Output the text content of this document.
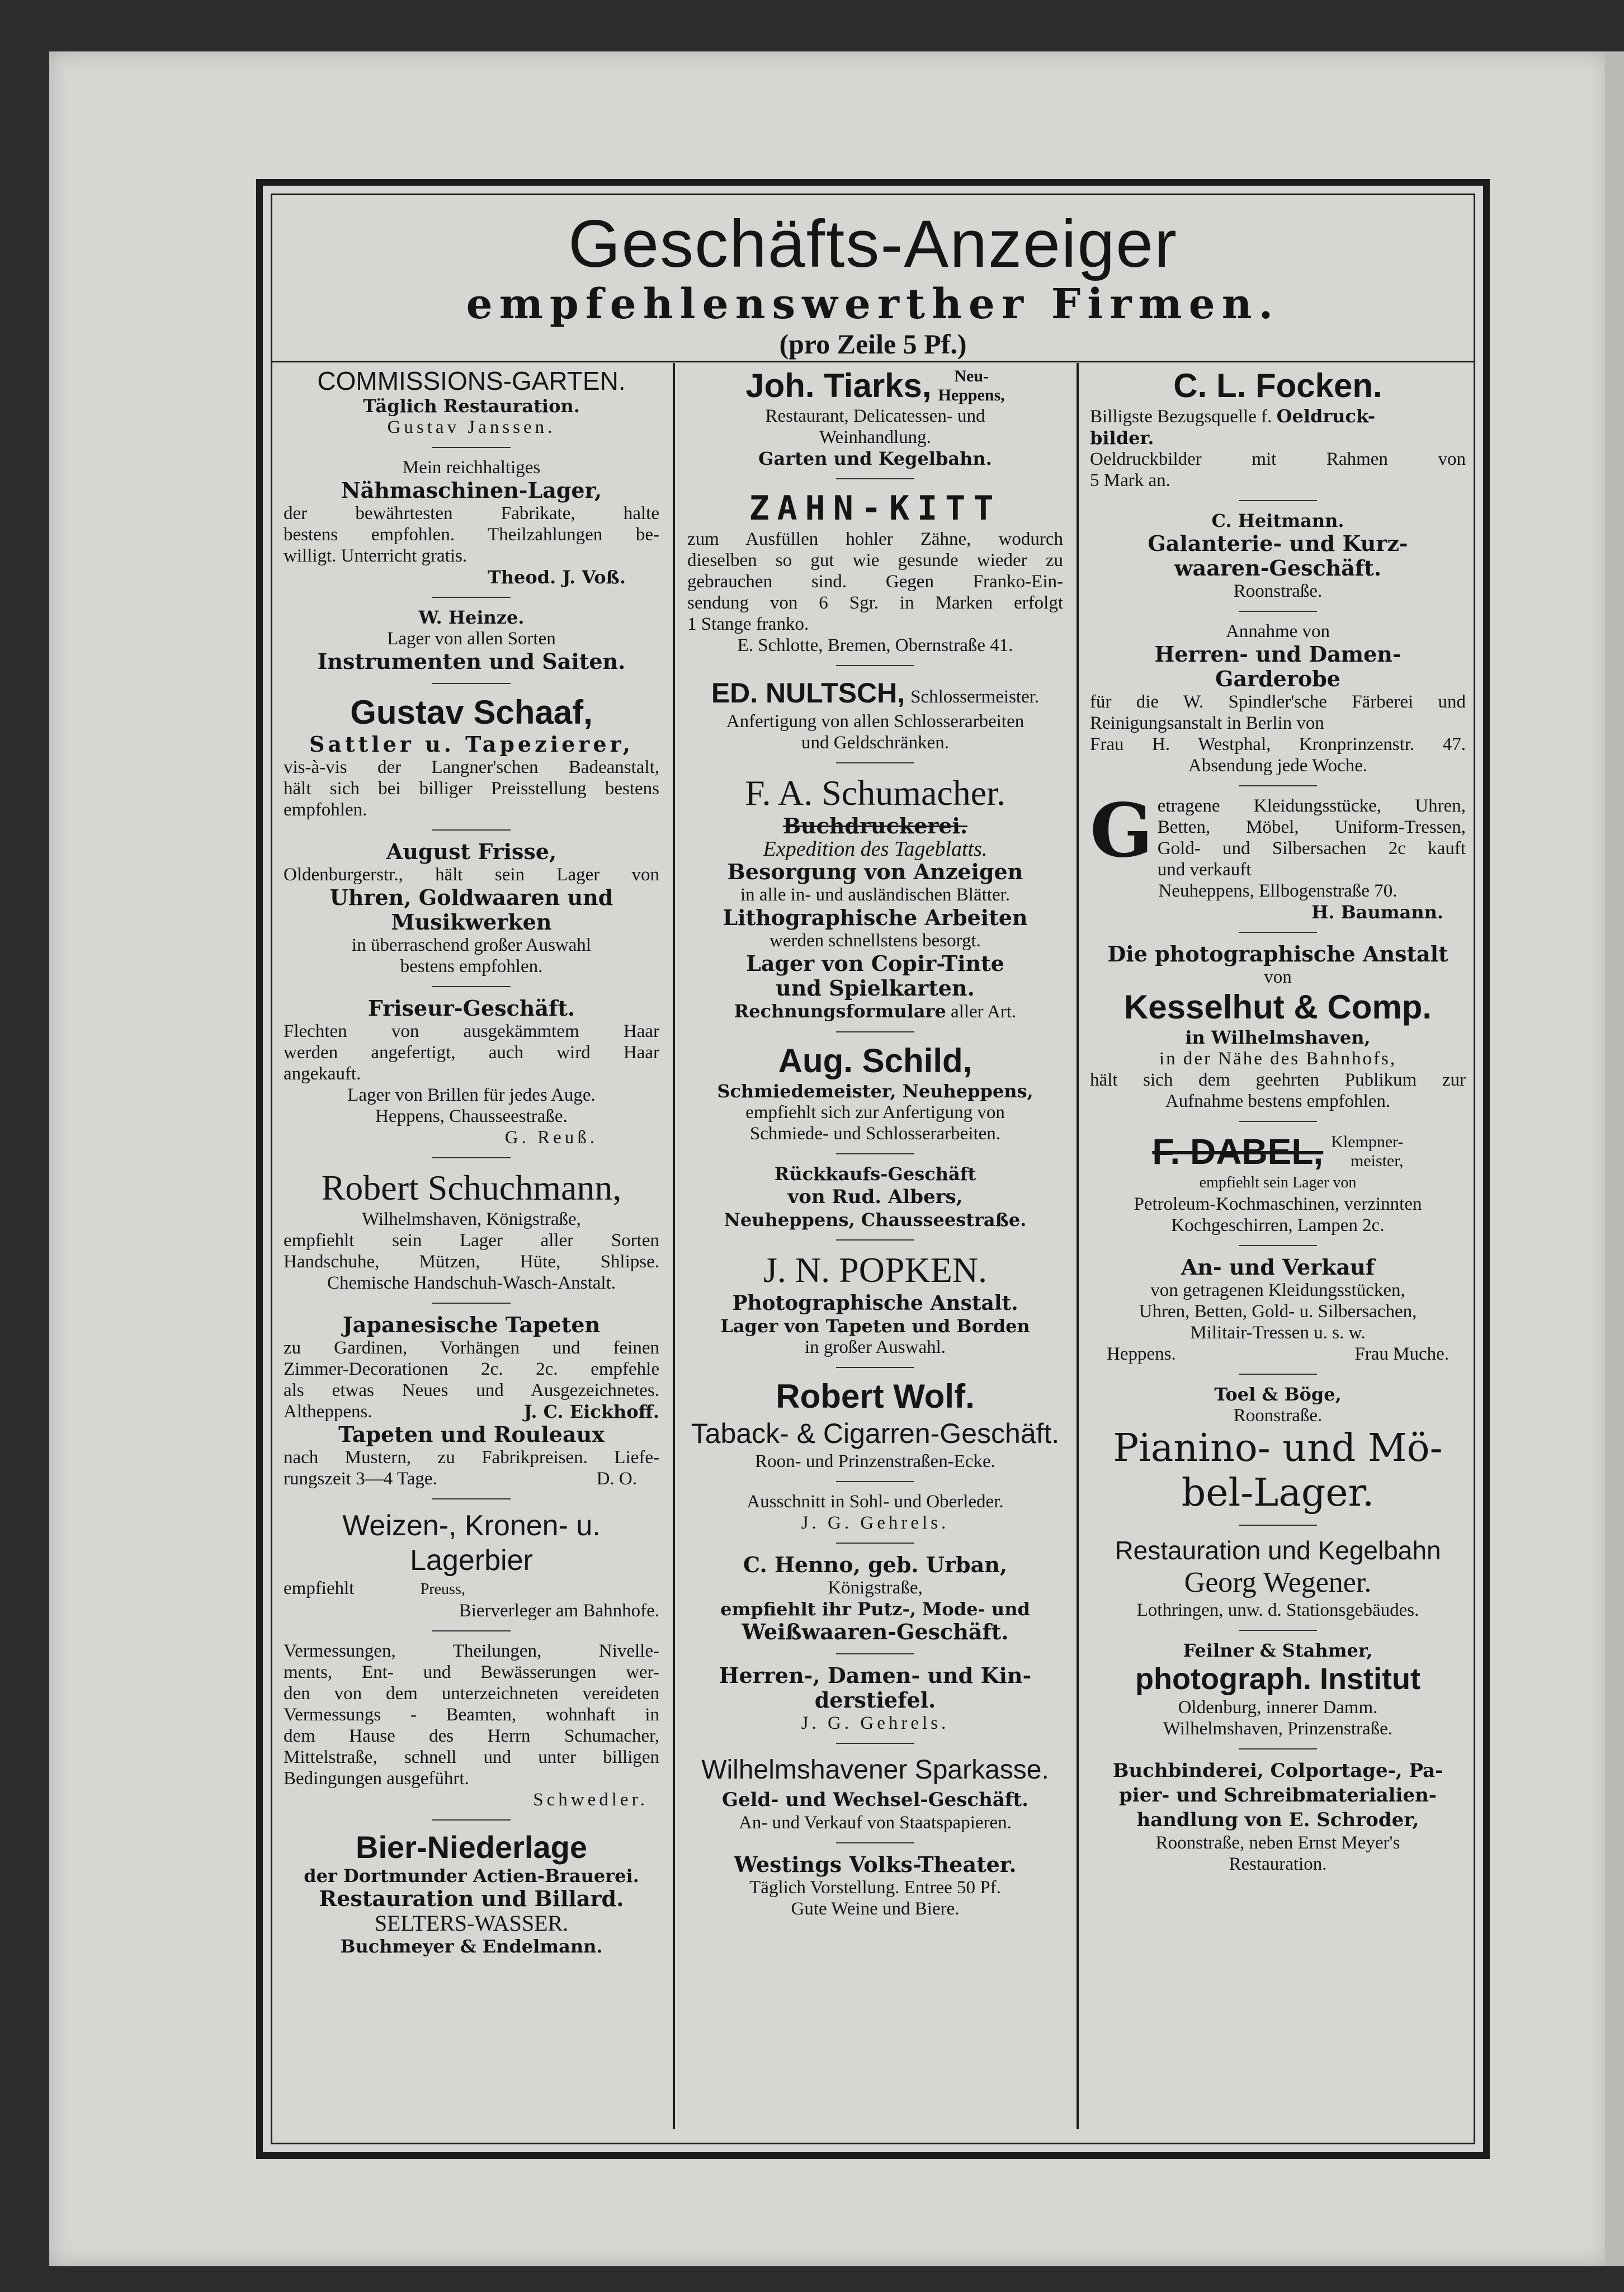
Geschäfts-Anzeiger
empfehlenswerther Firmen.
(pro Zeile 5 Pf.)
COMMISSIONS-GARTEN.
Täglich Restauration.
Gustav Janssen.
Mein reichhaltiges
Nähmaschinen-Lager,
der bewährtesten Fabrikate, halte
bestens empfohlen. Theilzahlungen be-
willigt. Unterricht gratis.
Theod. J. Voß.
W. Heinze.
Lager von allen Sorten
Instrumenten und Saiten.
Gustav Schaaf,
Sattler u. Tapezierer,
vis-à-vis der Langner'schen Badeanstalt,
hält sich bei billiger Preisstellung bestens
empfohlen.
August Frisse,
Oldenburgerstr., hält sein Lager von
Uhren, Goldwaaren und
Musikwerken
in überraschend großer Auswahl
bestens empfohlen.
Friseur-Geschäft.
Flechten von ausgekämmtem Haar
werden angefertigt, auch wird Haar
angekauft.
Lager von Brillen für jedes Auge.
Heppens, Chausseestraße.
G. Reuß.
Robert Schuchmann,
Wilhelmshaven, Königstraße,
empfiehlt sein Lager aller Sorten
Handschuhe, Mützen, Hüte, Shlipse.
Chemische Handschuh-Wasch-Anstalt.
Japanesische Tapeten
zu Gardinen, Vorhängen und feinen
Zimmer-Decorationen 2c. 2c. empfehle
als etwas Neues und Ausgezeichnetes.
Altheppens.	J. C. Eickhoff.
Tapeten und Rouleaux
nach Mustern, zu Fabrikpreisen. Liefe-
rungszeit 3—4 Tage.	D. O.
Weizen-, Kronen- u. Lagerbier
empfiehlt	Preuss,
Bierverleger am Bahnhofe.
Vermessungen, Theilungen, Nivelle-
ments, Ent- und Bewässerungen wer-
den von dem unterzeichneten vereideten
Vermessungs - Beamten, wohnhaft in
dem Hause des Herrn Schumacher,
Mittelstraße, schnell und unter billigen
Bedingungen ausgeführt.
Schwedler.
Bier-Niederlage
der Dortmunder Actien-Brauerei.
Restauration und Billard.
SELTERS-WASSER.
Buchmeyer & Endelmann.
Joh. Tiarks,	Neu-
Heppens,
Restaurant, Delicatessen- und
Weinhandlung.
Garten und Kegelbahn.
ZAHN-KITT
zum Ausfüllen hohler Zähne, wodurch
dieselben so gut wie gesunde wieder zu
gebrauchen sind. Gegen Franko-Ein-
sendung von 6 Sgr. in Marken erfolgt
1 Stange franko.
E. Schlotte, Bremen, Obernstraße 41.
ED. NULTSCH, Schlossermeister.
Anfertigung von allen Schlosserarbeiten
und Geldschränken.
F. A. Schumacher.
Buchdruckerei.
Expedition des Tageblatts.
Besorgung von Anzeigen
in alle in- und ausländischen Blätter.
Lithographische Arbeiten
werden schnellstens besorgt.
Lager von Copir-Tinte
und Spielkarten.
Rechnungsformulare aller Art.
Aug. Schild,
Schmiedemeister, Neuheppens,
empfiehlt sich zur Anfertigung von
Schmiede- und Schlosserarbeiten.
Rückkaufs-Geschäft
von Rud. Albers,
Neuheppens, Chausseestraße.
J. N. POPKEN.
Photographische Anstalt.
Lager von Tapeten und Borden
in großer Auswahl.
Robert Wolf.
Taback- & Cigarren-Geschäft.
Roon- und Prinzenstraßen-Ecke.
Ausschnitt in Sohl- und Oberleder.
J. G. Gehrels.
C. Henno, geb. Urban,
Königstraße,
empfiehlt ihr Putz-, Mode- und
Weißwaaren-Geschäft.
Herren-, Damen- und Kin-
derstiefel.
J. G. Gehrels.
Wilhelmshavener Sparkasse.
Geld- und Wechsel-Geschäft.
An- und Verkauf von Staatspapieren.
Westings Volks-Theater.
Täglich Vorstellung. Entree 50 Pf.
Gute Weine und Biere.
C. L. Focken.
Billigste Bezugsquelle f. Oeldruck-
bilder.
Oeldruckbilder mit Rahmen von
5 Mark an.
C. Heitmann.
Galanterie- und Kurz-
waaren-Geschäft.
Roonstraße.
Annahme von
Herren- und Damen-
Garderobe
für die W. Spindler'sche Färberei und
Reinigungsanstalt in Berlin von
Frau H. Westphal, Kronprinzenstr. 47.
Absendung jede Woche.
G etragene Kleidungsstücke, Uhren,
Betten, Möbel, Uniform-Tressen,
Gold- und Silbersachen 2c kauft
und verkauft
Neuheppens, Ellbogenstraße 70.
H. Baumann.
Die photographische Anstalt
von
Kesselhut & Comp.
in Wilhelmshaven,
in der Nähe des Bahnhofs,
hält sich dem geehrten Publikum zur
Aufnahme bestens empfohlen.
F. DABEL, Klempner-
meister,
empfiehlt sein Lager von
Petroleum-Kochmaschinen, verzinnten
Kochgeschirren, Lampen 2c.
An- und Verkauf
von getragenen Kleidungsstücken,
Uhren, Betten, Gold- u. Silbersachen,
Militair-Tressen u. s. w.
Heppens.	Frau Muche.
Toel & Böge,
Roonstraße.
Pianino- und Mö-
bel-Lager.
Restauration und Kegelbahn
Georg Wegener.
Lothringen, unw. d. Stationsgebäudes.
Feilner & Stahmer,
photograph. Institut
Oldenburg, innerer Damm.
Wilhelmshaven, Prinzenstraße.
Buchbinderei, Colportage-, Pa-
pier- und Schreibmaterialien-
handlung von E. Schroder,
Roonstraße, neben Ernst Meyer's
Restauration.
